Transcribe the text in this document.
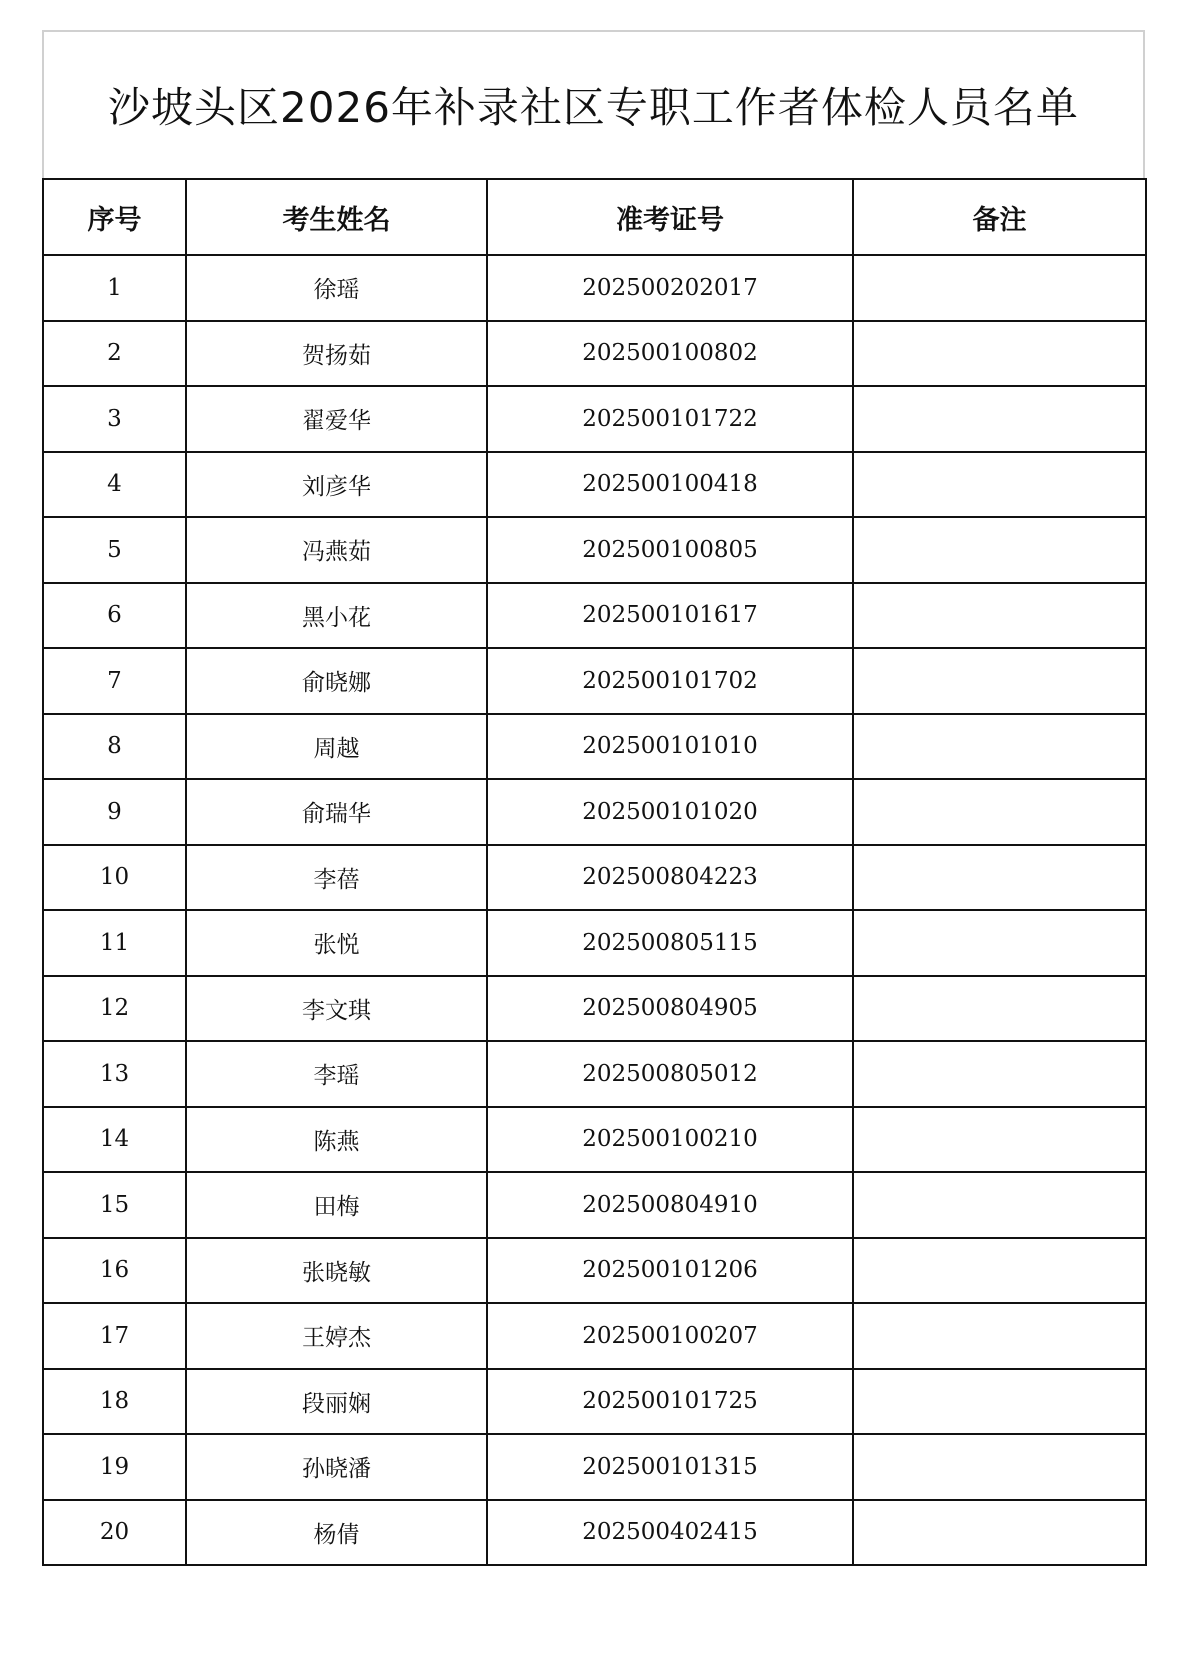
沙坡头区2026年补录社区专职工作者体检人员名单
序号	考生姓名	准考证号	备注
1	徐瑶	202500202017	
2	贺扬茹	202500100802	
3	翟爱华	202500101722	
4	刘彦华	202500100418	
5	冯燕茹	202500100805	
6	黑小花	202500101617	
7	俞晓娜	202500101702	
8	周越	202500101010	
9	俞瑞华	202500101020	
10	李蓓	202500804223	
11	张悦	202500805115	
12	李文琪	202500804905	
13	李瑶	202500805012	
14	陈燕	202500100210	
15	田梅	202500804910	
16	张晓敏	202500101206	
17	王婷杰	202500100207	
18	段丽娴	202500101725	
19	孙晓潘	202500101315	
20	杨倩	202500402415	
